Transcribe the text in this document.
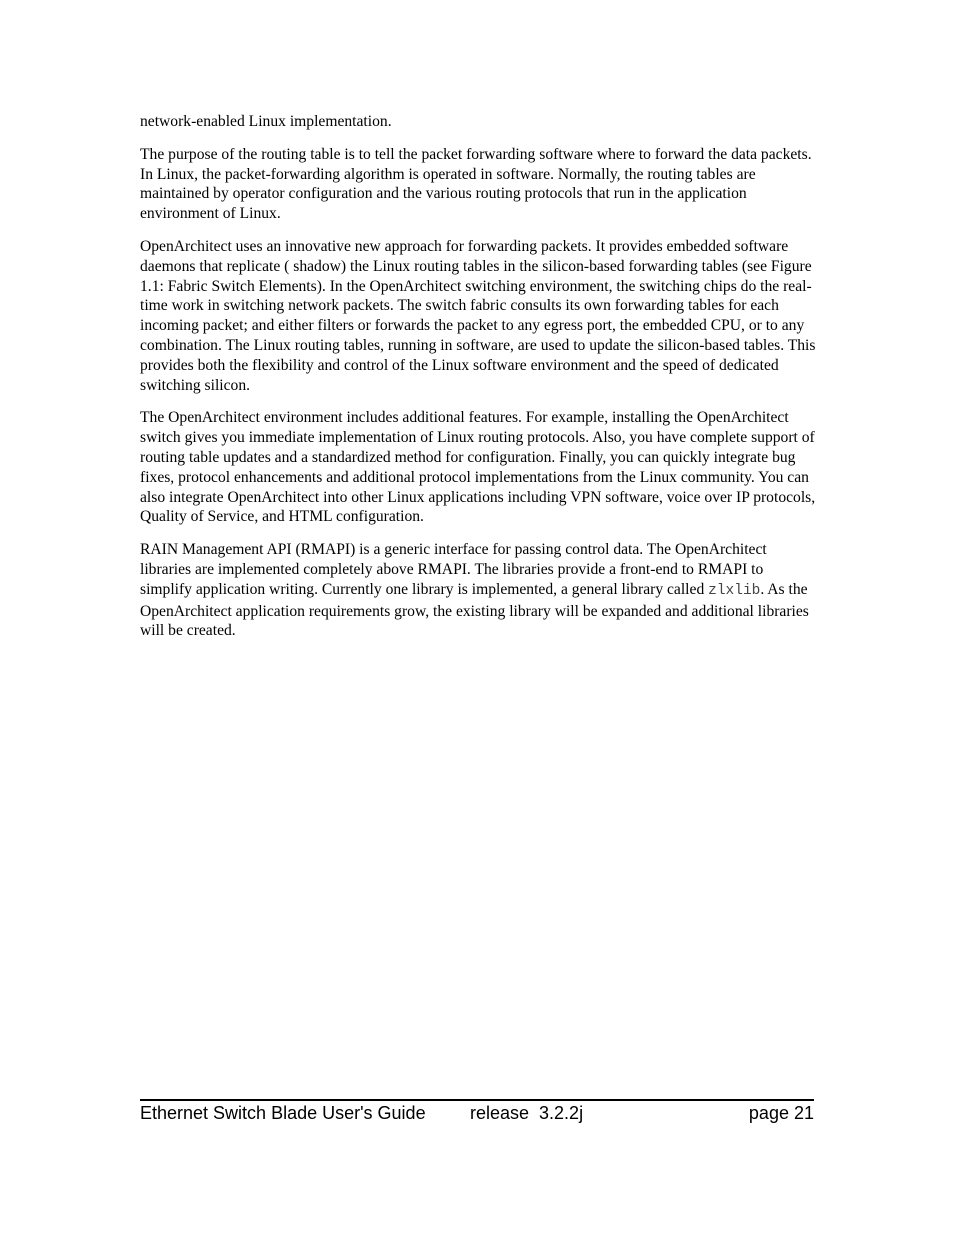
network-enabled Linux implementation.

The purpose of the routing table is to tell the packet forwarding software where to forward the data packets. In Linux, the packet-forwarding algorithm is operated in software. Normally, the routing tables are maintained by operator configuration and the various routing protocols that run in the application environment of Linux.

OpenArchitect uses an innovative new approach for forwarding packets. It provides embedded software daemons that replicate ( shadow) the Linux routing tables in the silicon-based forwarding tables (see Figure 1.1: Fabric Switch Elements). In the OpenArchitect switching environment, the switching chips do the real-time work in switching network packets. The switch fabric consults its own forwarding tables for each incoming packet; and either filters or forwards the packet to any egress port, the embedded CPU, or to any combination. The Linux routing tables, running in software, are used to update the silicon-based tables. This provides both the flexibility and control of the Linux software environment and the speed of dedicated switching silicon.

The OpenArchitect environment includes additional features. For example, installing the OpenArchitect switch gives you immediate implementation of Linux routing protocols. Also, you have complete support of routing table updates and a standardized method for configuration. Finally, you can quickly integrate bug fixes, protocol enhancements and additional protocol implementations from the Linux community. You can also integrate OpenArchitect into other Linux applications including VPN software, voice over IP protocols, Quality of Service, and HTML configuration.

RAIN Management API (RMAPI) is a generic interface for passing control data. The OpenArchitect libraries are implemented completely above RMAPI. The libraries provide a front-end to RMAPI to simplify application writing. Currently one library is implemented, a general library called zlxlib. As the OpenArchitect application requirements grow, the existing library will be expanded and additional libraries will be created.

Ethernet Switch Blade User's Guide release  3.2.2j	page 21
